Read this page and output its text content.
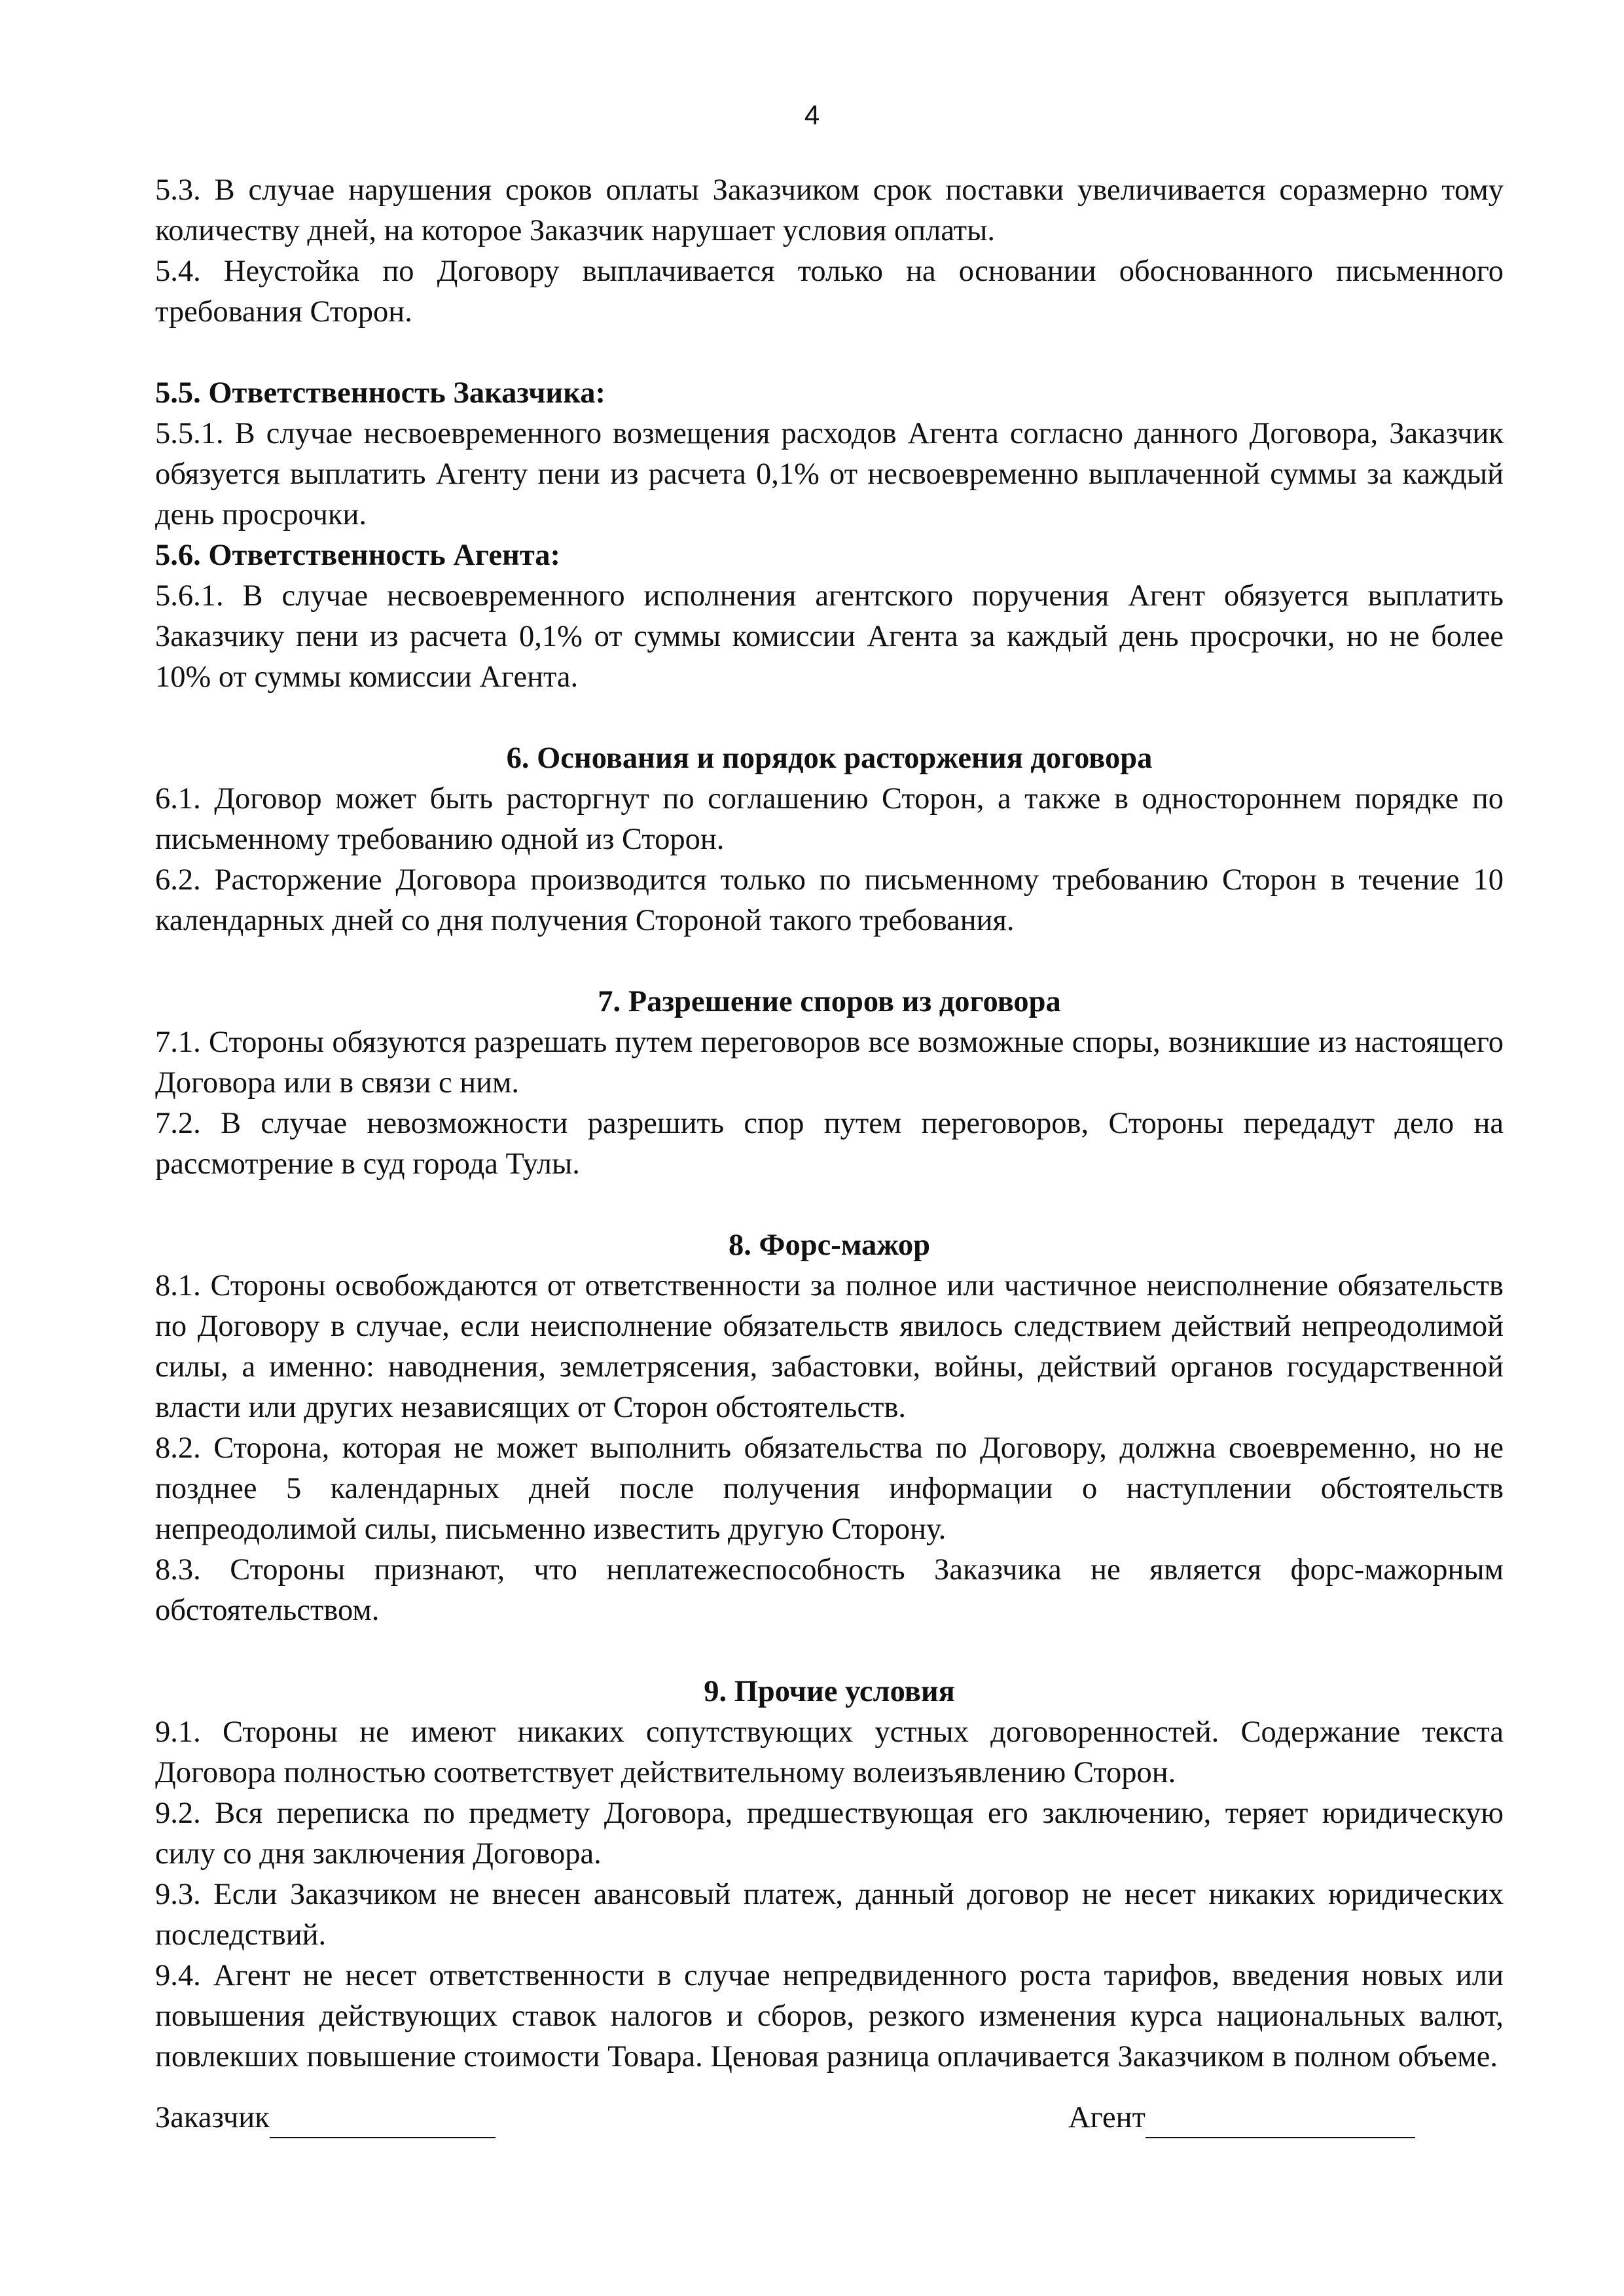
4

5.3. В случае нарушения сроков оплаты Заказчиком срок поставки увеличивается соразмерно тому количеству дней, на которое Заказчик нарушает условия оплаты.

5.4. Неустойка по Договору выплачивается только на основании обоснованного письменного требования Сторон.

5.5. Ответственность Заказчика:

5.5.1. В случае несвоевременного возмещения расходов Агента согласно данного Договора, Заказчик обязуется выплатить Агенту пени из расчета 0,1% от несвоевременно выплаченной суммы за каждый день просрочки.

5.6. Ответственность Агента:

5.6.1. В случае несвоевременного исполнения агентского поручения Агент обязуется выплатить Заказчику пени из расчета 0,1% от суммы комиссии Агента за каждый день просрочки, но не более 10% от суммы комиссии Агента.

6. Основания и порядок расторжения договора

6.1. Договор может быть расторгнут по соглашению Сторон, а также в одностороннем порядке по письменному требованию одной из Сторон.

6.2. Расторжение Договора производится только по письменному требованию Сторон в течение 10 календарных дней со дня получения Стороной такого требования.

7. Разрешение споров из договора

7.1. Стороны обязуются разрешать путем переговоров все возможные споры, возникшие из настоящего Договора или в связи с ним.

7.2. В случае невозможности разрешить спор путем переговоров, Стороны передадут дело на рассмотрение в суд города Тулы.

8. Форс-мажор

8.1. Стороны освобождаются от ответственности за полное или частичное неисполнение обязательств по Договору в случае, если неисполнение обязательств явилось следствием действий непреодолимой силы, а именно: наводнения, землетрясения, забастовки, войны, действий органов государственной власти или других независящих от Сторон обстоятельств.

8.2. Сторона, которая не может выполнить обязательства по Договору, должна своевременно, но не позднее 5 календарных дней после получения информации о наступлении обстоятельств непреодолимой силы, письменно известить другую Сторону.

8.3. Стороны признают, что неплатежеспособность Заказчика не является форс-мажорным обстоятельством.

9. Прочие условия

9.1. Стороны не имеют никаких сопутствующих устных договоренностей. Содержание текста Договора полностью соответствует действительному волеизъявлению Сторон.

9.2. Вся переписка по предмету Договора, предшествующая его заключению, теряет юридическую силу со дня заключения Договора.

9.3. Если Заказчиком не внесен авансовый платеж, данный договор не несет никаких юридических последствий.

9.4. Агент не несет ответственности в случае непредвиденного роста тарифов, введения новых или повышения действующих ставок налогов и сборов, резкого изменения курса национальных валют, повлекших повышение стоимости Товара. Ценовая разница оплачивается Заказчиком в полном объеме.

Заказчик	Агент
